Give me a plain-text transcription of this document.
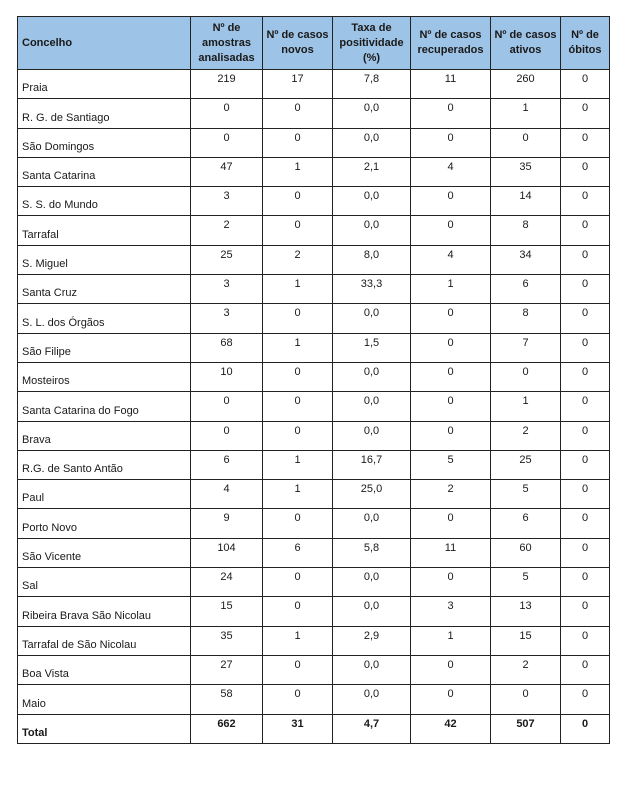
Concelho	Nº de amostras analisadas	Nº de casos novos	Taxa de positividade (%)	Nº de casos recuperados	Nº de casos ativos	Nº de óbitos
Praia	219	17	7,8	11	260	0
R. G. de Santiago	0	0	0,0	0	1	0
São Domingos	0	0	0,0	0	0	0
Santa Catarina	47	1	2,1	4	35	0
S. S. do Mundo	3	0	0,0	0	14	0
Tarrafal	2	0	0,0	0	8	0
S. Miguel	25	2	8,0	4	34	0
Santa Cruz	3	1	33,3	1	6	0
S. L. dos Órgãos	3	0	0,0	0	8	0
São Filipe	68	1	1,5	0	7	0
Mosteiros	10	0	0,0	0	0	0
Santa Catarina do Fogo	0	0	0,0	0	1	0
Brava	0	0	0,0	0	2	0
R.G. de Santo Antão	6	1	16,7	5	25	0
Paul	4	1	25,0	2	5	0
Porto Novo	9	0	0,0	0	6	0
São Vicente	104	6	5,8	11	60	0
Sal	24	0	0,0	0	5	0
Ribeira Brava São Nicolau	15	0	0,0	3	13	0
Tarrafal de São Nicolau	35	1	2,9	1	15	0
Boa Vista	27	0	0,0	0	2	0
Maio	58	0	0,0	0	0	0
Total	662	31	4,7	42	507	0
